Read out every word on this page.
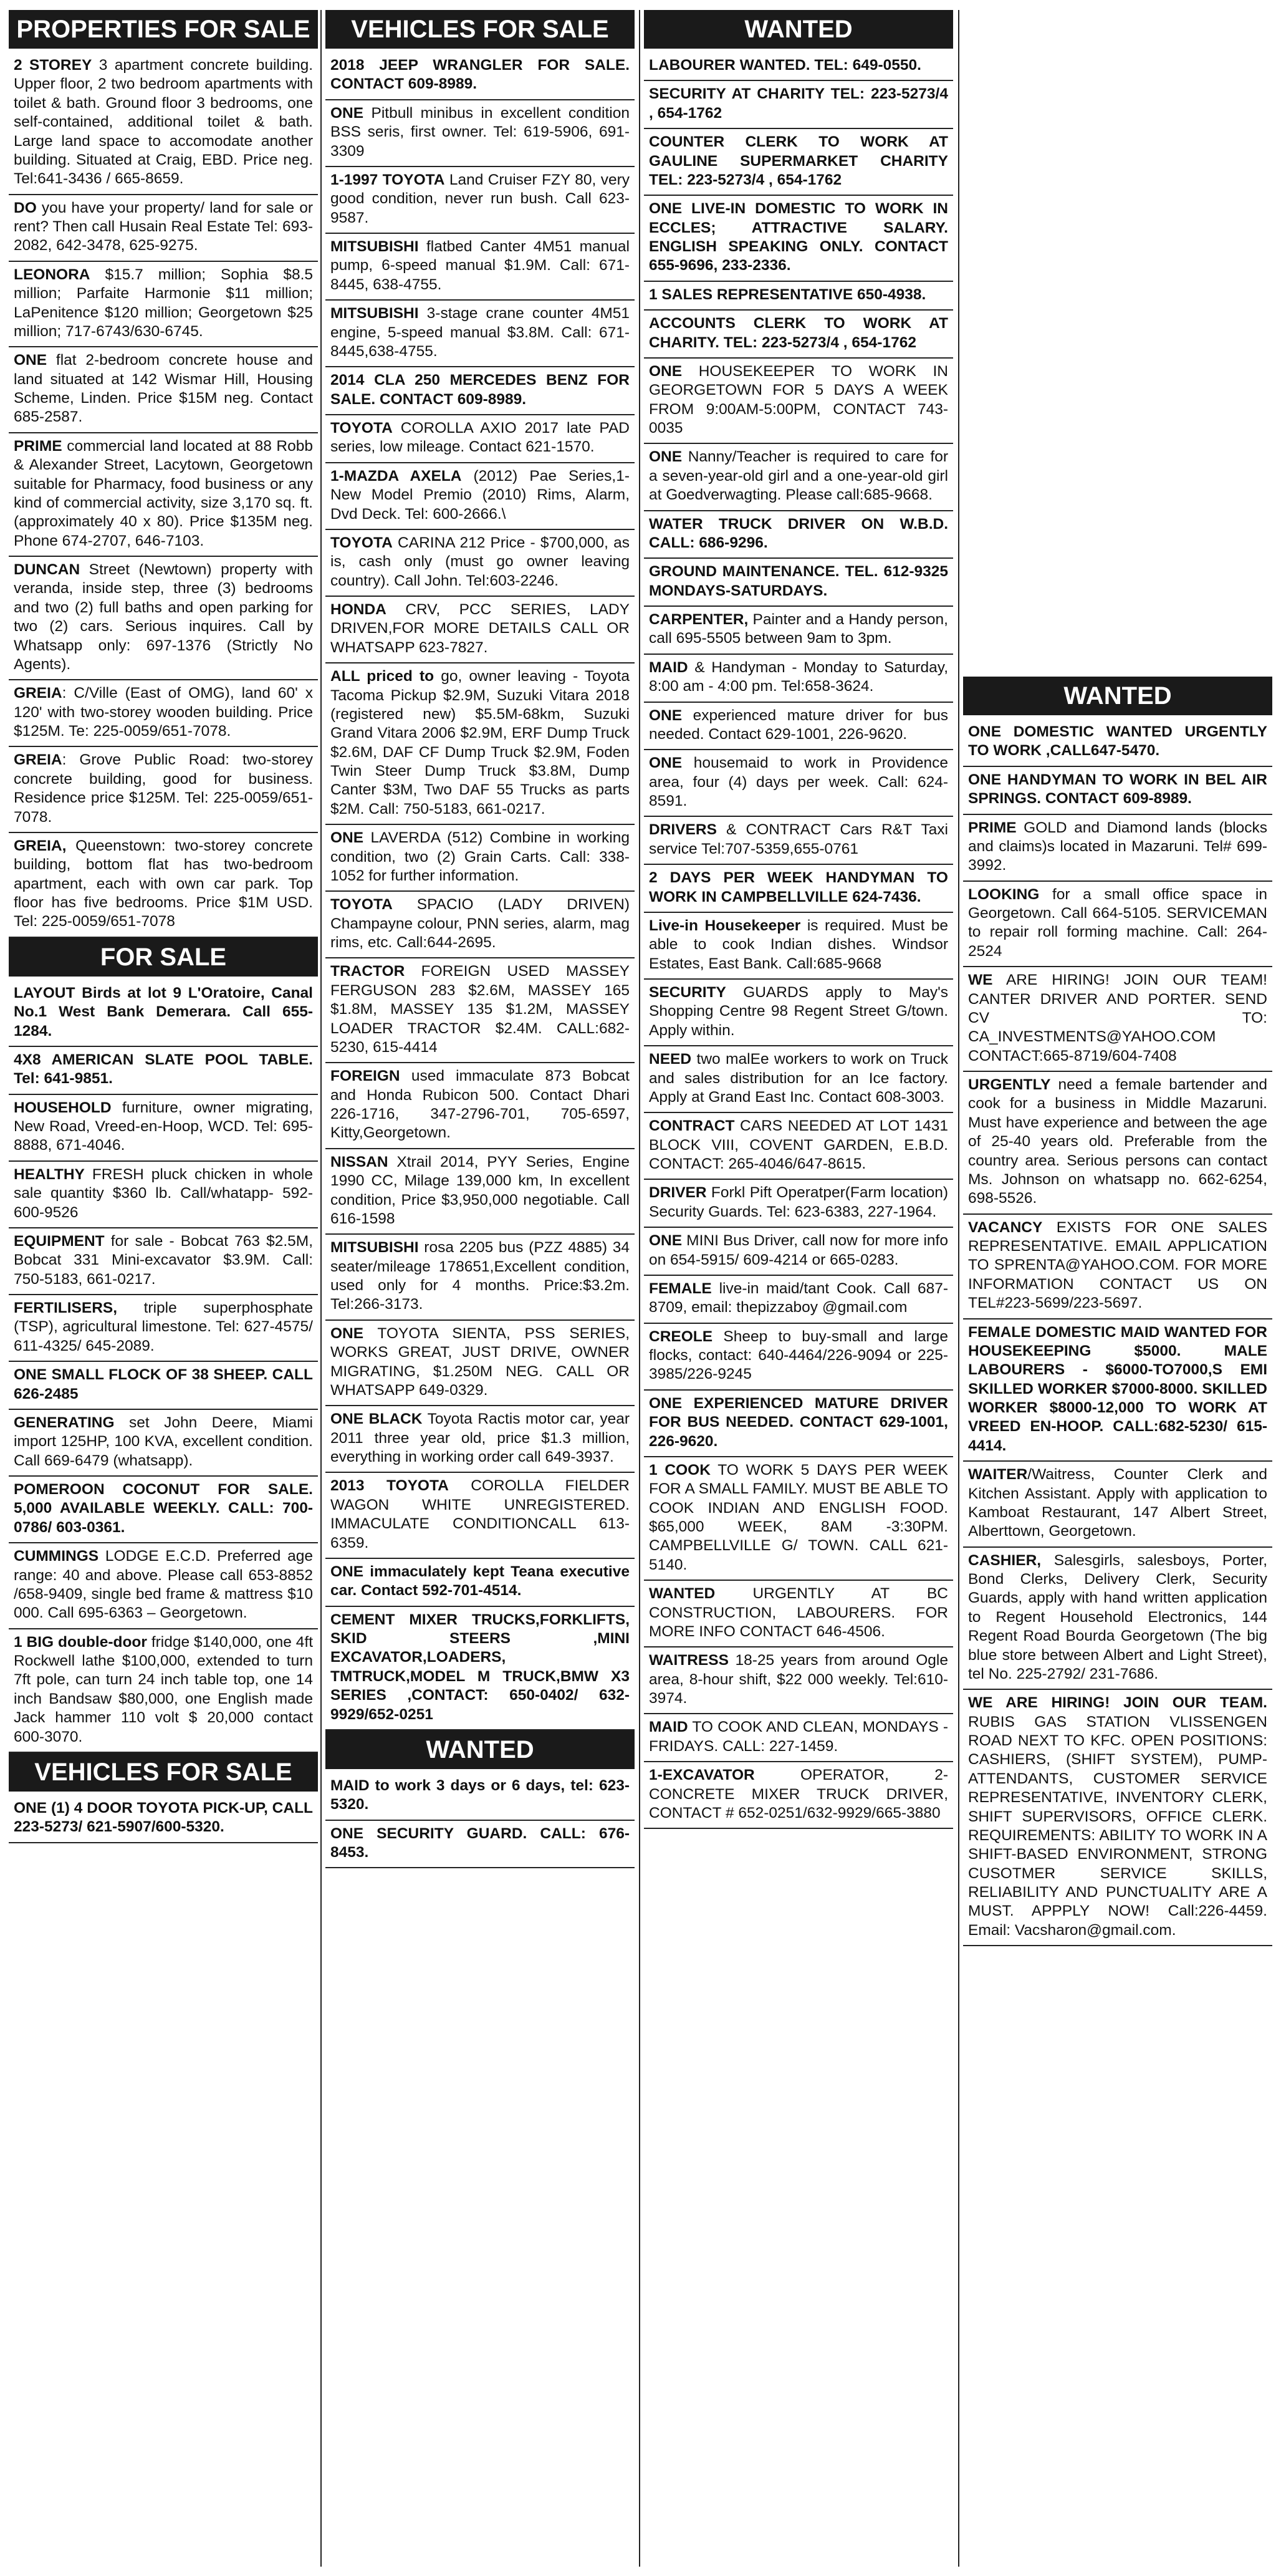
PROPERTIES FOR SALE
2 STOREY 3 apartment concrete building. Upper floor, 2 two bedroom apartments with toilet & bath. Ground floor 3 bedrooms, one self-contained, additional toilet & bath. Large land space to accomodate another building. Situated at Craig, EBD. Price neg. Tel:641-3436 / 665-8659.
DO you have your property/ land for sale or rent? Then call Husain Real Estate Tel: 693-2082, 642-3478, 625-9275.
LEONORA $15.7 million; Sophia $8.5 million; Parfaite Harmonie $11 million; LaPenitence $120 million; Georgetown $25 million; 717-6743/630-6745.
ONE flat 2-bedroom concrete house and land situated at 142 Wismar Hill, Housing Scheme, Linden. Price $15M neg. Contact 685-2587.
PRIME commercial land located at 88 Robb & Alexander Street, Lacytown, Georgetown suitable for Pharmacy, food business or any kind of commercial activity, size 3,170 sq. ft. (approximately 40 x 80). Price $135M neg. Phone 674-2707, 646-7103.
DUNCAN Street (Newtown) property with veranda, inside step, three (3) bedrooms and two (2) full baths and open parking for two (2) cars. Serious inquires. Call by Whatsapp only: 697-1376 (Strictly No Agents).
GREIA: C/Ville (East of OMG), land 60' x 120' with two-storey wooden building. Price $125M. Te: 225-0059/651-7078.
GREIA: Grove Public Road: two-storey concrete building, good for business. Residence price $125M. Tel: 225-0059/651-7078.
GREIA, Queenstown: two-storey concrete building, bottom flat has two-bedroom apartment, each with own car park. Top floor has five bedrooms. Price $1M USD. Tel: 225-0059/651-7078
FOR SALE
LAYOUT Birds at lot 9 L'Oratoire, Canal No.1 West Bank Demerara. Call 655-1284.
4X8 AMERICAN SLATE POOL TABLE. Tel: 641-9851.
HOUSEHOLD furniture, owner migrating, New Road, Vreed-en-Hoop, WCD. Tel: 695-8888, 671-4046.
HEALTHY FRESH pluck chicken in whole sale quantity $360 lb. Call/whatapp- 592-600-9526
EQUIPMENT for sale - Bobcat 763 $2.5M, Bobcat 331 Mini-excavator $3.9M. Call: 750-5183, 661-0217.
FERTILISERS, triple superphosphate (TSP), agricultural limestone. Tel: 627-4575/ 611-4325/ 645-2089.
ONE SMALL FLOCK OF 38 SHEEP. CALL 626-2485
GENERATING set John Deere, Miami import 125HP, 100 KVA, excellent condition. Call 669-6479 (whatsapp).
POMEROON COCONUT FOR SALE. 5,000 AVAILABLE WEEKLY. CALL: 700-0786/ 603-0361.
CUMMINGS LODGE E.C.D. Preferred age range: 40 and above. Please call 653-8852 /658-9409, single bed frame & mattress $10 000. Call 695-6363 – Georgetown.
1 BIG double-door fridge $140,000, one 4ft Rockwell lathe $100,000, extended to turn 7ft pole, can turn 24 inch table top, one 14 inch Bandsaw $80,000, one English made Jack hammer 110 volt $ 20,000 contact 600-3070.
VEHICLES FOR SALE
ONE (1) 4 DOOR TOYOTA PICK-UP, CALL 223-5273/ 621-5907/600-5320.
VEHICLES FOR SALE
2018 JEEP WRANGLER FOR SALE. CONTACT 609-8989.
ONE Pitbull minibus in excellent condition BSS seris, first owner. Tel: 619-5906, 691-3309
1-1997 TOYOTA Land Cruiser FZY 80, very good condition, never run bush. Call 623-9587.
MITSUBISHI flatbed Canter 4M51 manual pump, 6-speed manual $1.9M. Call: 671-8445, 638-4755.
MITSUBISHI 3-stage crane counter 4M51 engine, 5-speed manual $3.8M. Call: 671-8445,638-4755.
2014 CLA 250 MERCEDES BENZ FOR SALE. CONTACT 609-8989.
TOYOTA COROLLA AXIO 2017 late PAD series, low mileage. Contact 621-1570.
1-MAZDA AXELA (2012) Pae Series,1- New Model Premio (2010) Rims, Alarm, Dvd Deck. Tel: 600-2666.\
TOYOTA CARINA 212 Price - $700,000, as is, cash only (must go owner leaving country). Call John. Tel:603-2246.
HONDA CRV, PCC SERIES, LADY DRIVEN,FOR MORE DETAILS CALL OR WHATSAPP 623-7827.
ALL priced to go, owner leaving - Toyota Tacoma Pickup $2.9M, Suzuki Vitara 2018 (registered new) $5.5M-68km, Suzuki Grand Vitara 2006 $2.9M, ERF Dump Truck $2.6M, DAF CF Dump Truck $2.9M, Foden Twin Steer Dump Truck $3.8M, Dump Canter $3M, Two DAF 55 Trucks as parts $2M. Call: 750-5183, 661-0217.
ONE LAVERDA (512) Combine in working condition, two (2) Grain Carts. Call: 338-1052 for further information.
TOYOTA SPACIO (LADY DRIVEN) Champayne colour, PNN series, alarm, mag rims, etc. Call:644-2695.
TRACTOR FOREIGN USED MASSEY FERGUSON 283 $2.6M, MASSEY 165 $1.8M, MASSEY 135 $1.2M, MASSEY LOADER TRACTOR $2.4M. CALL:682-5230, 615-4414
FOREIGN used immaculate 873 Bobcat and Honda Rubicon 500. Contact Dhari 226-1716, 347-2796-701, 705-6597, Kitty,Georgetown.
NISSAN Xtrail 2014, PYY Series, Engine 1990 CC, Milage 139,000 km, In excellent condition, Price $3,950,000 negotiable. Call 616-1598
MITSUBISHI rosa 2205 bus (PZZ 4885) 34 seater/mileage 178651,Excellent condition, used only for 4 months. Price:$3.2m. Tel:266-3173.
ONE TOYOTA SIENTA, PSS SERIES, WORKS GREAT, JUST DRIVE, OWNER MIGRATING, $1.250M NEG. CALL OR WHATSAPP 649-0329.
ONE BLACK Toyota Ractis motor car, year 2011 three year old, price $1.3 million, everything in working order call 649-3937.
2013 TOYOTA COROLLA FIELDER WAGON WHITE UNREGISTERED. IMMACULATE CONDITIONCALL 613-6359.
ONE immaculately kept Teana executive car. Contact 592-701-4514.
CEMENT MIXER TRUCKS,FORKLIFTS, SKID STEERS ,MINI EXCAVATOR,LOADERS, TMTRUCK,MODEL M TRUCK,BMW X3 SERIES ,CONTACT: 650-0402/ 632-9929/652-0251
WANTED
MAID to work 3 days or 6 days, tel: 623-5320.
ONE SECURITY GUARD. CALL: 676-8453.
WANTED
LABOURER WANTED. TEL: 649-0550.
SECURITY AT CHARITY TEL: 223-5273/4 , 654-1762
COUNTER CLERK TO WORK AT GAULINE SUPERMARKET CHARITY TEL: 223-5273/4 , 654-1762
ONE LIVE-IN DOMESTIC TO WORK IN ECCLES; ATTRACTIVE SALARY. ENGLISH SPEAKING ONLY. CONTACT 655-9696, 233-2336.
1 SALES REPRESENTATIVE 650-4938.
ACCOUNTS CLERK TO WORK AT CHARITY. TEL: 223-5273/4 , 654-1762
ONE HOUSEKEEPER TO WORK IN GEORGETOWN FOR 5 DAYS A WEEK FROM 9:00AM-5:00PM, CONTACT 743-0035
ONE Nanny/Teacher is required to care for a seven-year-old girl and a one-year-old girl at Goedverwagting. Please call:685-9668.
WATER TRUCK DRIVER ON W.B.D. CALL: 686-9296.
GROUND MAINTENANCE. TEL. 612-9325 MONDAYS-SATURDAYS.
CARPENTER, Painter and a Handy person, call 695-5505 between 9am to 3pm.
MAID & Handyman - Monday to Saturday, 8:00 am - 4:00 pm. Tel:658-3624.
ONE experienced mature driver for bus needed. Contact 629-1001, 226-9620.
ONE housemaid to work in Providence area, four (4) days per week. Call: 624-8591.
DRIVERS & CONTRACT Cars R&T Taxi service Tel:707-5359,655-0761
2 DAYS PER WEEK HANDYMAN TO WORK IN CAMPBELLVILLE 624-7436.
Live-in Housekeeper is required. Must be able to cook Indian dishes. Windsor Estates, East Bank. Call:685-9668
SECURITY GUARDS apply to May's Shopping Centre 98 Regent Street G/town. Apply within.
NEED two malEe workers to work on Truck and sales distribution for an Ice factory. Apply at Grand East Inc. Contact 608-3003.
CONTRACT CARS NEEDED AT LOT 1431 BLOCK VIII, COVENT GARDEN, E.B.D. CONTACT: 265-4046/647-8615.
DRIVER Forkl Pift Operatper(Farm location) Security Guards. Tel: 623-6383, 227-1964.
ONE MINI Bus Driver, call now for more info on 654-5915/ 609-4214 or 665-0283.
FEMALE live-in maid/tant Cook. Call 687-8709, email: thepizzaboy @gmail.com
CREOLE Sheep to buy-small and large flocks, contact: 640-4464/226-9094 or 225-3985/226-9245
ONE EXPERIENCED MATURE DRIVER FOR BUS NEEDED. CONTACT 629-1001, 226-9620.
1 COOK TO WORK 5 DAYS PER WEEK FOR A SMALL FAMILY. MUST BE ABLE TO COOK INDIAN AND ENGLISH FOOD. $65,000 WEEK, 8AM -3:30PM. CAMPBELLVILLE G/ TOWN. CALL 621-5140.
WANTED URGENTLY AT BC CONSTRUCTION, LABOURERS. FOR MORE INFO CONTACT 646-4506.
WAITRESS 18-25 years from around Ogle area, 8-hour shift, $22 000 weekly. Tel:610-3974.
MAID TO COOK AND CLEAN, MONDAYS - FRIDAYS. CALL: 227-1459.
1-EXCAVATOR OPERATOR, 2- CONCRETE MIXER TRUCK DRIVER, CONTACT # 652-0251/632-9929/665-3880
WANTED
ONE DOMESTIC WANTED URGENTLY TO WORK ,CALL647-5470.
ONE HANDYMAN TO WORK IN BEL AIR SPRINGS. CONTACT 609-8989.
PRIME GOLD and Diamond lands (blocks and claims)s located in Mazaruni. Tel# 699-3992.
LOOKING for a small office space in Georgetown. Call 664-5105. SERVICEMAN to repair roll forming machine. Call: 264-2524
WE ARE HIRING! JOIN OUR TEAM! CANTER DRIVER AND PORTER. SEND CV TO: CA_INVESTMENTS@YAHOO.COM CONTACT:665-8719/604-7408
URGENTLY need a female bartender and cook for a business in Middle Mazaruni. Must have experience and between the age of 25-40 years old. Preferable from the country area. Serious persons can contact Ms. Johnson on whatsapp no. 662-6254, 698-5526.
VACANCY EXISTS FOR ONE SALES REPRESENTATIVE. EMAIL APPLICATION TO SPRENTA@YAHOO.COM. FOR MORE INFORMATION CONTACT US ON TEL#223-5699/223-5697.
FEMALE DOMESTIC MAID WANTED FOR HOUSEKEEPING $5000. MALE LABOURERS - $6000-TO7000,S EMI SKILLED WORKER $7000-8000. SKILLED WORKER $8000-12,000 TO WORK AT VREED EN-HOOP. CALL:682-5230/ 615-4414.
WAITER/Waitress, Counter Clerk and Kitchen Assistant. Apply with application to Kamboat Restaurant, 147 Albert Street, Alberttown, Georgetown.
CASHIER, Salesgirls, salesboys, Porter, Bond Clerks, Delivery Clerk, Security Guards, apply with hand written application to Regent Household Electronics, 144 Regent Road Bourda Georgetown (The big blue store between Albert and Light Street), tel No. 225-2792/ 231-7686.
WE ARE HIRING! JOIN OUR TEAM. RUBIS GAS STATION VLISSENGEN ROAD NEXT TO KFC. OPEN POSITIONS: CASHIERS, (SHIFT SYSTEM), PUMP-ATTENDANTS, CUSTOMER SERVICE REPRESENTATIVE, INVENTORY CLERK, SHIFT SUPERVISORS, OFFICE CLERK. REQUIREMENTS: ABILITY TO WORK IN A SHIFT-BASED ENVIRONMENT, STRONG CUSOTMER SERVICE SKILLS, RELIABILITY AND PUNCTUALITY ARE A MUST. APPPLY NOW! Call:226-4459. Email: Vacsharon@gmail.com.
